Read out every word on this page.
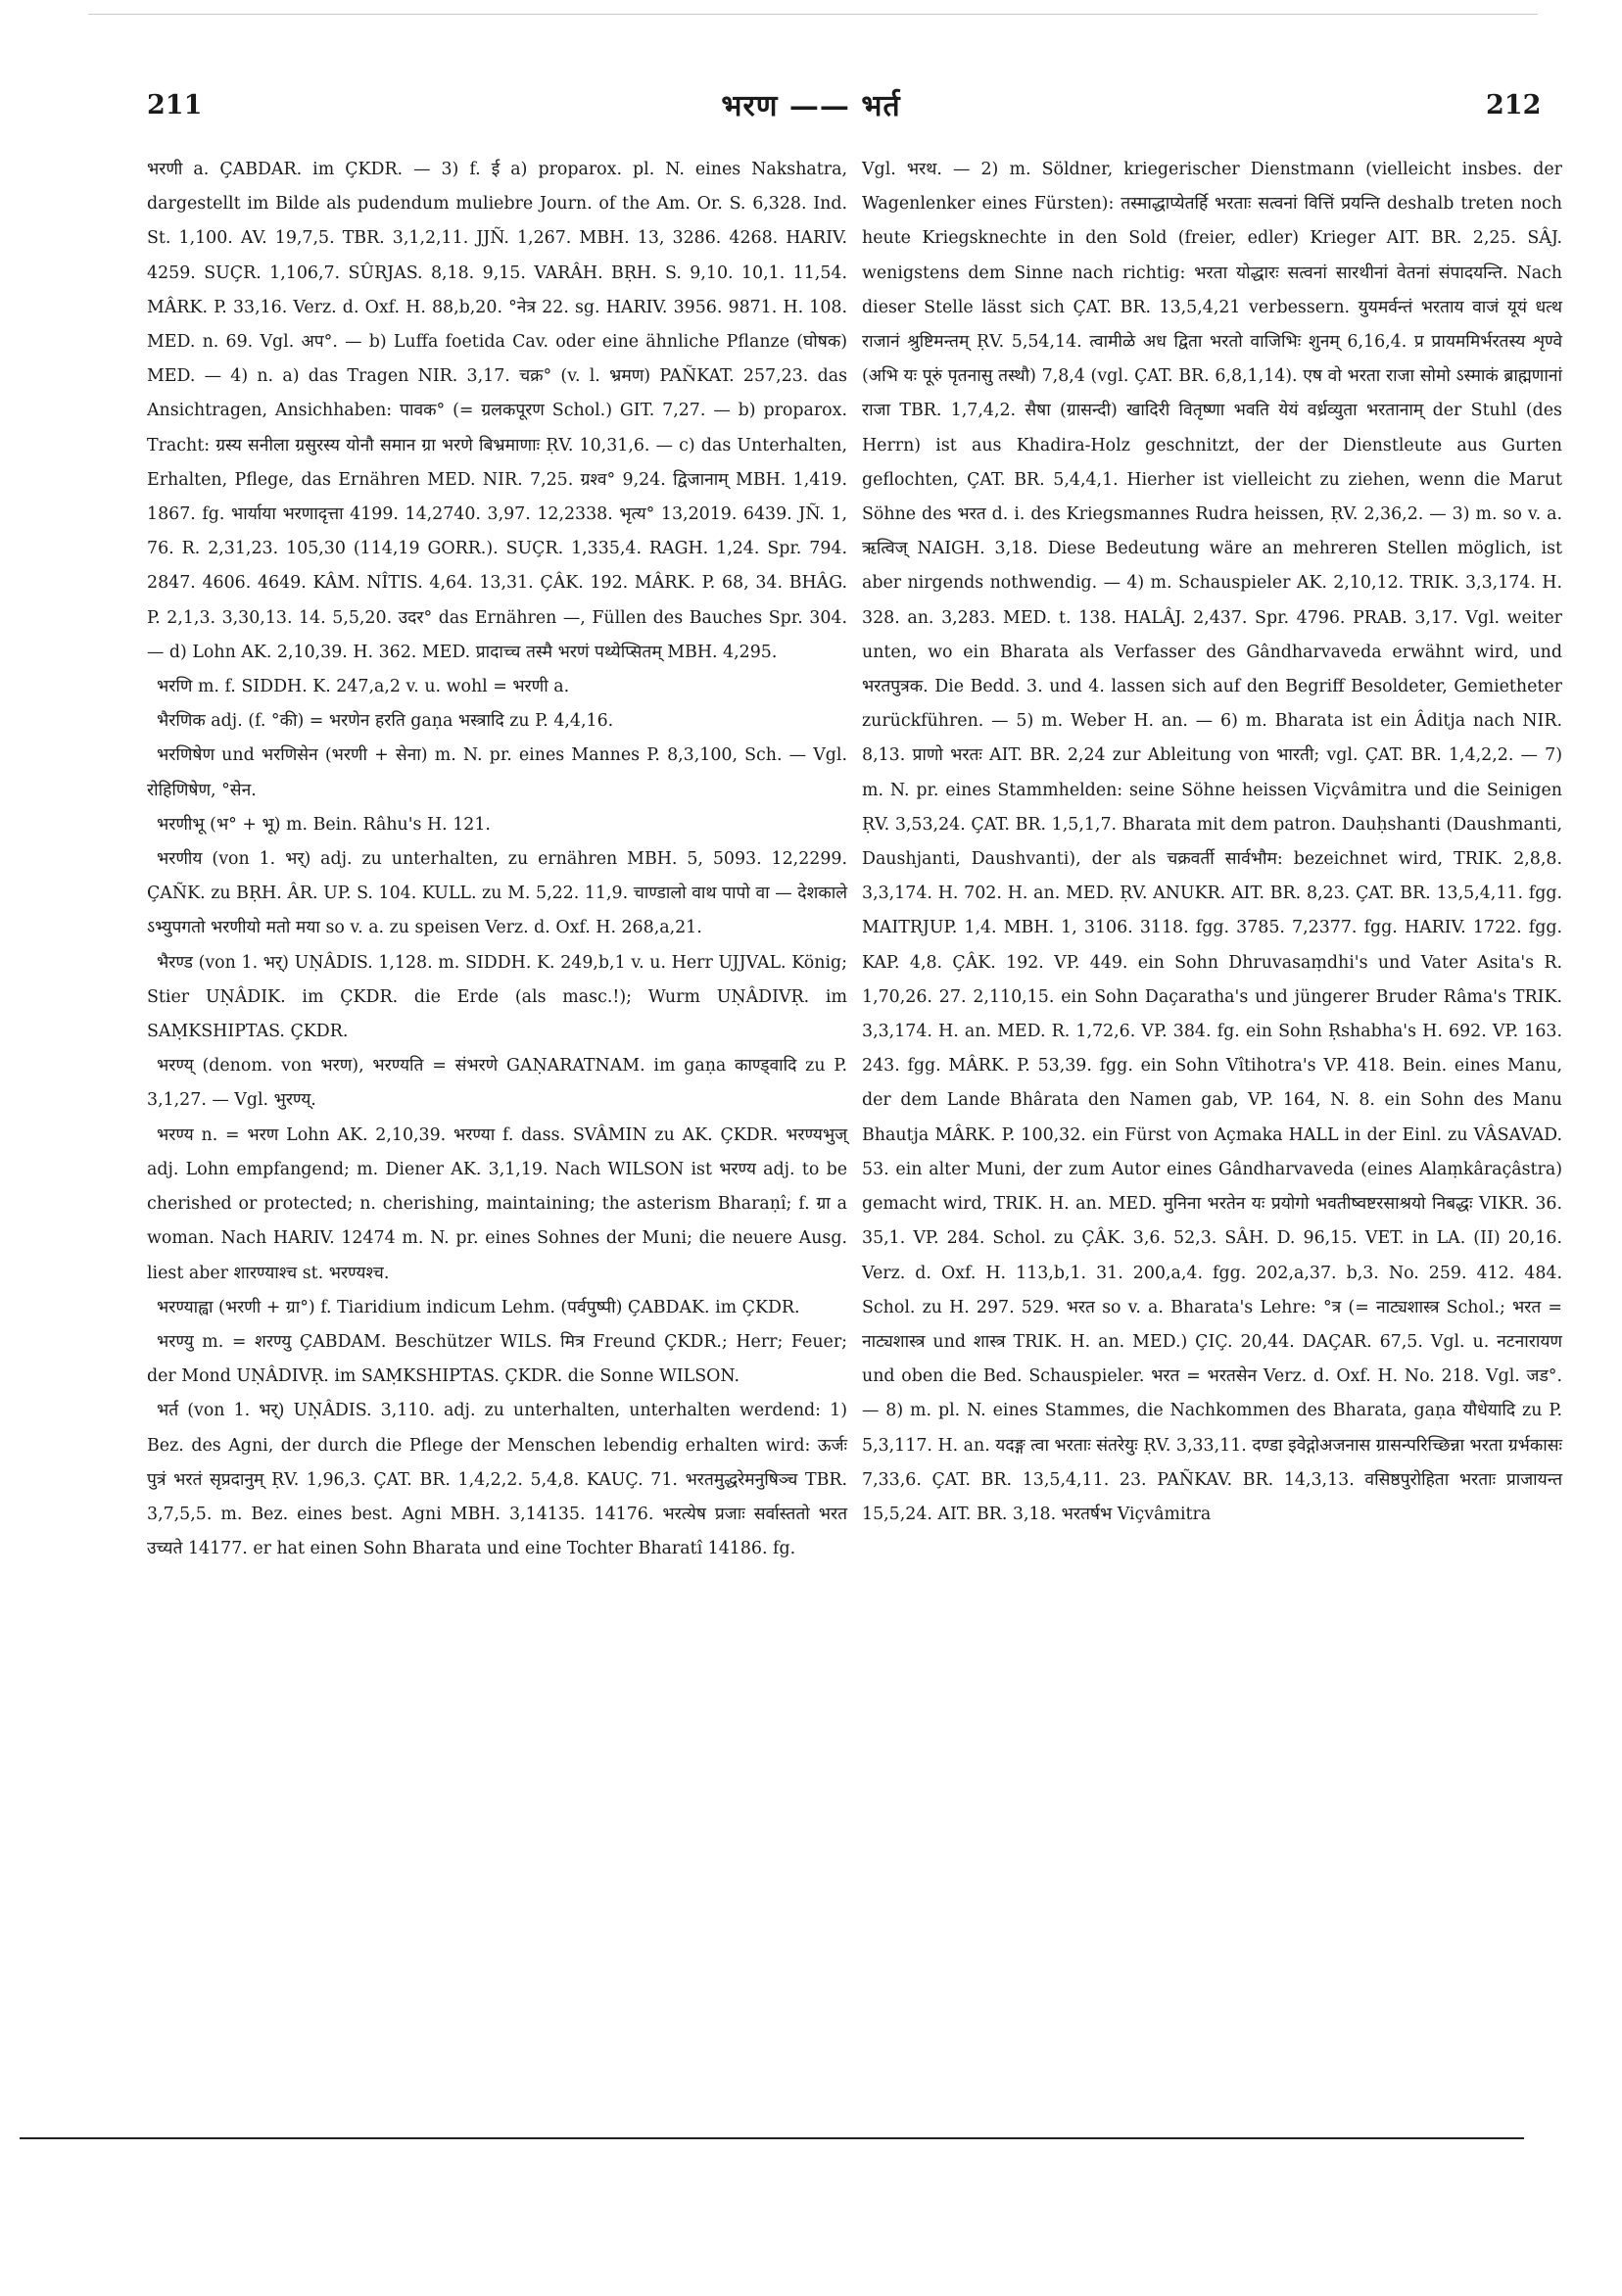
211	भरण —— भर्त	212

भरणी a. ÇABDAR. im ÇKDR. — 3) f. ई a) proparox. pl. N. eines Nakshatra, dargestellt im Bilde als pudendum muliebre Journ. of the Am. Or. S. 6,328. Ind. St. 1,100. AV. 19,7,5. TBR. 3,1,2,11. JJÑ. 1,267. MBH. 13, 3286. 4268. HARIV. 4259. SUÇR. 1,106,7. SÛRJAS. 8,18. 9,15. VARÂH. BṚH. S. 9,10. 10,1. 11,54. MÂRK. P. 33,16. Verz. d. Oxf. H. 88,b,20. °नेत्र 22. sg. HARIV. 3956. 9871. H. 108. MED. n. 69. Vgl. अप°. — b) Luffa foetida Cav. oder eine ähnliche Pflanze (घोषक) MED. — 4) n. a) das Tragen NIR. 3,17. चक्र° (v. l. भ्रमण) PAÑKAT. 257,23. das Ansichtragen, Ansichhaben: पावक° (= ग्रलकपूरण Schol.) GIT. 7,27. — b) proparox. Tracht: ग्रस्य सनीला ग्रसुरस्य योनौ समान ग्रा भरणे बिभ्रमाणाः ṚV. 10,31,6. — c) das Unterhalten, Erhalten, Pflege, das Ernähren MED. NIR. 7,25. ग्रश्व° 9,24. द्विजानाम् MBH. 1,419. 1867. fg. भार्याया भरणादृत्ता 4199. 14,2740. 3,97. 12,2338. भृत्य° 13,2019. 6439. JÑ. 1, 76. R. 2,31,23. 105,30 (114,19 GORR.). SUÇR. 1,335,4. RAGH. 1,24. Spr. 794. 2847. 4606. 4649. KÂM. NÎTIS. 4,64. 13,31. ÇÂK. 192. MÂRK. P. 68, 34. BHÂG. P. 2,1,3. 3,30,13. 14. 5,5,20. उदर° das Ernähren —, Füllen des Bauches Spr. 304. — d) Lohn AK. 2,10,39. H. 362. MED. प्रादाच्च तस्मै भरणं पथ्येप्सितम् MBH. 4,295.

भरणि m. f. SIDDH. K. 247,a,2 v. u. wohl = भरणी a.

भैरणिक adj. (f. °की) = भरणेन हरति gaṇa भस्त्रादि zu P. 4,4,16.

भरणिषेण und भरणिसेन (भरणी + सेना) m. N. pr. eines Mannes P. 8,3,100, Sch. — Vgl. रोहिणिषेण, °सेन.

भरणीभू (भ° + भू) m. Bein. Râhu's H. 121.

भरणीय (von 1. भर्) adj. zu unterhalten, zu ernähren MBH. 5, 5093. 12,2299. ÇAÑK. zu BṚH. ÂR. UP. S. 104. KULL. zu M. 5,22. 11,9. चाण्डालो वाथ पापो वा — देशकाले ऽभ्युपगतो भरणीयो मतो मया so v. a. zu speisen Verz. d. Oxf. H. 268,a,21.

भैरण्ड (von 1. भर्) UṆÂDIS. 1,128. m. SIDDH. K. 249,b,1 v. u. Herr UJJVAL. König; Stier UṆÂDIK. im ÇKDR. die Erde (als masc.!); Wurm UṆÂDIVṚ. im SAṂKSHIPTAS. ÇKDR.

भरण्य् (denom. von भरण), भरण्यति = संभरणे GAṆARATNAM. im gaṇa काण्ड्वादि zu P. 3,1,27. — Vgl. भुरण्य्.

भरण्य n. = भरण Lohn AK. 2,10,39. भरण्या f. dass. SVÂMIN zu AK. ÇKDR. भरण्यभुज् adj. Lohn empfangend; m. Diener AK. 3,1,19. Nach WILSON ist भरण्य adj. to be cherished or protected; n. cherishing, maintaining; the asterism Bharaṇî; f. ग्रा a woman. Nach HARIV. 12474 m. N. pr. eines Sohnes der Muni; die neuere Ausg. liest aber शारण्याश्च st. भरण्यश्च.

भरण्याह्वा (भरणी + ग्रा°) f. Tiaridium indicum Lehm. (पर्वपुष्पी) ÇABDAK. im ÇKDR.

भरण्यु m. = शरण्यु ÇABDAM. Beschützer WILS. मित्र Freund ÇKDR.; Herr; Feuer; der Mond UṆÂDIVṚ. im SAṂKSHIPTAS. ÇKDR. die Sonne WILSON.

भर्त (von 1. भर्) UṆÂDIS. 3,110. adj. zu unterhalten, unterhalten werdend: 1) Bez. des Agni, der durch die Pflege der Menschen lebendig erhalten wird: ऊर्जः पुत्रं भरतं सृप्रदानुम् ṚV. 1,96,3. ÇAT. BR. 1,4,2,2. 5,4,8. KAUÇ. 71. भरतमुद्धरेमनुषिञ्च TBR. 3,7,5,5. m. Bez. eines best. Agni MBH. 3,14135. 14176. भरत्येष प्रजाः सर्वास्ततो भरत उच्यते 14177. er hat einen Sohn Bharata und eine Tochter Bharatî 14186. fg.

Vgl. भरथ. — 2) m. Söldner, kriegerischer Dienstmann (vielleicht insbes. der Wagenlenker eines Fürsten): तस्माद्धाप्येतर्हि भरताः सत्वनां वित्तिं प्रयन्ति deshalb treten noch heute Kriegsknechte in den Sold (freier, edler) Krieger AIT. BR. 2,25. SÂJ. wenigstens dem Sinne nach richtig: भरता योद्धारः सत्वनां सारथीनां वेतनां संपादयन्ति. Nach dieser Stelle lässt sich ÇAT. BR. 13,5,4,21 verbessern. युयमर्वन्तं भरताय वाजं यूयं धत्थ राजानं श्रुष्टिमन्तम् ṚV. 5,54,14. त्वामीळे अध द्विता भरतो वाजिभिः शुनम् 6,16,4. प्र प्रायममिर्भरतस्य शृण्वे (अभि यः पूरुं पृतनासु तस्थौ) 7,8,4 (vgl. ÇAT. BR. 6,8,1,14). एष वो भरता राजा सोमो ऽस्माकं ब्राह्मणानां राजा TBR. 1,7,4,2. सैषा (ग्रासन्दी) खादिरी वितृष्णा भवति येयं वर्ध्रव्युता भरतानाम् der Stuhl (des Herrn) ist aus Khadira-Holz geschnitzt, der der Dienstleute aus Gurten geflochten, ÇAT. BR. 5,4,4,1. Hierher ist vielleicht zu ziehen, wenn die Marut Söhne des भरत d. i. des Kriegsmannes Rudra heissen, ṚV. 2,36,2. — 3) m. so v. a. ऋत्विज् NAIGH. 3,18. Diese Bedeutung wäre an mehreren Stellen möglich, ist aber nirgends nothwendig. — 4) m. Schauspieler AK. 2,10,12. TRIK. 3,3,174. H. 328. an. 3,283. MED. t. 138. HALÂJ. 2,437. Spr. 4796. PRAB. 3,17. Vgl. weiter unten, wo ein Bharata als Verfasser des Gândharvaveda erwähnt wird, und भरतपुत्रक. Die Bedd. 3. und 4. lassen sich auf den Begriff Besoldeter, Gemietheter zurückführen. — 5) m. Weber H. an. — 6) m. Bharata ist ein Âditja nach NIR. 8,13. प्राणो भरतः AIT. BR. 2,24 zur Ableitung von भारती; vgl. ÇAT. BR. 1,4,2,2. — 7) m. N. pr. eines Stammhelden: seine Söhne heissen Viçvâmitra und die Seinigen ṚV. 3,53,24. ÇAT. BR. 1,5,1,7. Bharata mit dem patron. Dauḥshanti (Daushmanti, Daushjanti, Daushvanti), der als चक्रवर्ती सार्वभौम: bezeichnet wird, TRIK. 2,8,8. 3,3,174. H. 702. H. an. MED. ṚV. ANUKR. AIT. BR. 8,23. ÇAT. BR. 13,5,4,11. fgg. MAITRJUP. 1,4. MBH. 1, 3106. 3118. fgg. 3785. 7,2377. fgg. HARIV. 1722. fgg. KAP. 4,8. ÇÂK. 192. VP. 449. ein Sohn Dhruvasaṃdhi's und Vater Asita's R. 1,70,26. 27. 2,110,15. ein Sohn Daçaratha's und jüngerer Bruder Râma's TRIK. 3,3,174. H. an. MED. R. 1,72,6. VP. 384. fg. ein Sohn Ṛshabha's H. 692. VP. 163. 243. fgg. MÂRK. P. 53,39. fgg. ein Sohn Vîtihotra's VP. 418. Bein. eines Manu, der dem Lande Bhârata den Namen gab, VP. 164, N. 8. ein Sohn des Manu Bhautja MÂRK. P. 100,32. ein Fürst von Açmaka HALL in der Einl. zu VÂSAVAD. 53. ein alter Muni, der zum Autor eines Gândharvaveda (eines Alaṃkâraçâstra) gemacht wird, TRIK. H. an. MED. मुनिना भरतेन यः प्रयोगो भवतीष्वष्टरसाश्रयो निबद्धः VIKR. 36. 35,1. VP. 284. Schol. zu ÇÂK. 3,6. 52,3. SÂH. D. 96,15. VET. in LA. (II) 20,16. Verz. d. Oxf. H. 113,b,1. 31. 200,a,4. fgg. 202,a,37. b,3. No. 259. 412. 484. Schol. zu H. 297. 529. भरत so v. a. Bharata's Lehre: °त्र (= नाट्यशास्त्र Schol.; भरत = नाट्यशास्त्र und शास्त्र TRIK. H. an. MED.) ÇIÇ. 20,44. DAÇAR. 67,5. Vgl. u. नटनारायण und oben die Bed. Schauspieler. भरत = भरतसेन Verz. d. Oxf. H. No. 218. Vgl. जड°. — 8) m. pl. N. eines Stammes, die Nachkommen des Bharata, gaṇa यौधेयादि zu P. 5,3,117. H. an. यदङ्ग त्वा भरताः संतरेयुः ṚV. 3,33,11. दण्डा इवेद्गोअजनास ग्रासन्परिच्छिन्ना भरता ग्रर्भकासः 7,33,6. ÇAT. BR. 13,5,4,11. 23. PAÑKAV. BR. 14,3,13. वसिष्ठपुरोहिता भरताः प्राजायन्त 15,5,24. AIT. BR. 3,18. भरतर्षभ Viçvâmitra
